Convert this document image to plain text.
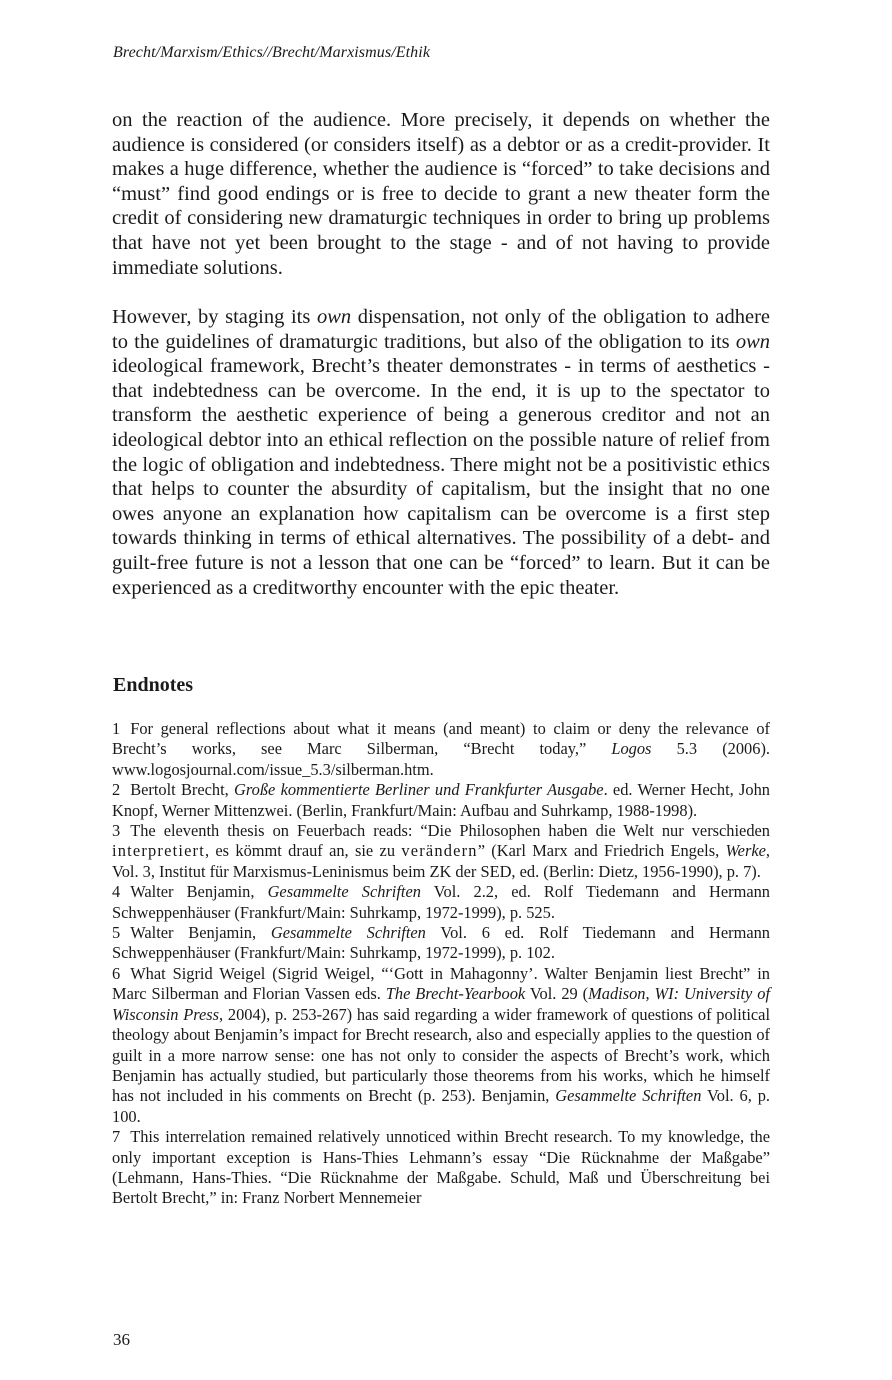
Brecht/Marxism/Ethics//Brecht/Marxismus/Ethik

on the reaction of the audience. More precisely, it depends on whether the audience is considered (or considers itself) as a debtor or as a credit-provider. It makes a huge difference, whether the audience is “forced” to take decisions and “must” find good endings or is free to decide to grant a new theater form the credit of considering new dramaturgic techniques in order to bring up problems that have not yet been brought to the stage - and of not having to provide immediate solutions.

However, by staging its own dispensation, not only of the obligation to adhere to the guidelines of dramaturgic traditions, but also of the obligation to its own ideological framework, Brecht’s theater demonstrates - in terms of aesthetics - that indebtedness can be overcome. In the end, it is up to the spectator to transform the aesthetic experience of being a generous creditor and not an ideological debtor into an ethical reflection on the possible nature of relief from the logic of obligation and indebtedness. There might not be a positivistic ethics that helps to counter the absurdity of capitalism, but the insight that no one owes anyone an explanation how capitalism can be overcome is a first step towards thinking in terms of ethical alternatives. The possibility of a debt- and guilt-free future is not a lesson that one can be “forced” to learn. But it can be experienced as a creditworthy encounter with the epic theater.

Endnotes

1 For general reflections about what it means (and meant) to claim or deny the relevance of Brecht’s works, see Marc Silberman, “Brecht today,” Logos 5.3 (2006). www.logosjournal.com/issue_5.3/silberman.htm.

2 Bertolt Brecht, Große kommentierte Berliner und Frankfurter Ausgabe. ed. Werner Hecht, John Knopf, Werner Mittenzwei. (Berlin, Frankfurt/Main: Aufbau and Suhrkamp, 1988-1998).

3 The eleventh thesis on Feuerbach reads: “Die Philosophen haben die Welt nur verschieden interpretiert, es kömmt drauf an, sie zu verändern” (Karl Marx and Friedrich Engels, Werke, Vol. 3, Institut für Marxismus-Leninismus beim ZK der SED, ed. (Berlin: Dietz, 1956-1990), p. 7).

4 Walter Benjamin, Gesammelte Schriften Vol. 2.2, ed. Rolf Tiedemann and Hermann Schweppenhäuser (Frankfurt/Main: Suhrkamp, 1972-1999), p. 525.

5 Walter Benjamin, Gesammelte Schriften Vol. 6 ed. Rolf Tiedemann and Hermann Schweppenhäuser (Frankfurt/Main: Suhrkamp, 1972-1999), p. 102.

6 What Sigrid Weigel (Sigrid Weigel, “‘Gott in Mahagonny’. Walter Benjamin liest Brecht” in Marc Silberman and Florian Vassen eds. The Brecht-Yearbook Vol. 29 (Madison, WI: University of Wisconsin Press, 2004), p. 253-267) has said regarding a wider framework of questions of political theology about Benjamin’s impact for Brecht research, also and especially applies to the question of guilt in a more narrow sense: one has not only to consider the aspects of Brecht’s work, which Benjamin has actually studied, but particularly those theorems from his works, which he himself has not included in his comments on Brecht (p. 253). Benjamin, Gesammelte Schriften Vol. 6, p. 100.

7 This interrelation remained relatively unnoticed within Brecht research. To my knowledge, the only important exception is Hans-Thies Lehmann’s essay “Die Rücknahme der Maßgabe” (Lehmann, Hans-Thies. “Die Rücknahme der Maßgabe. Schuld, Maß und Überschreitung bei Bertolt Brecht,” in: Franz Norbert Mennemeier

36
